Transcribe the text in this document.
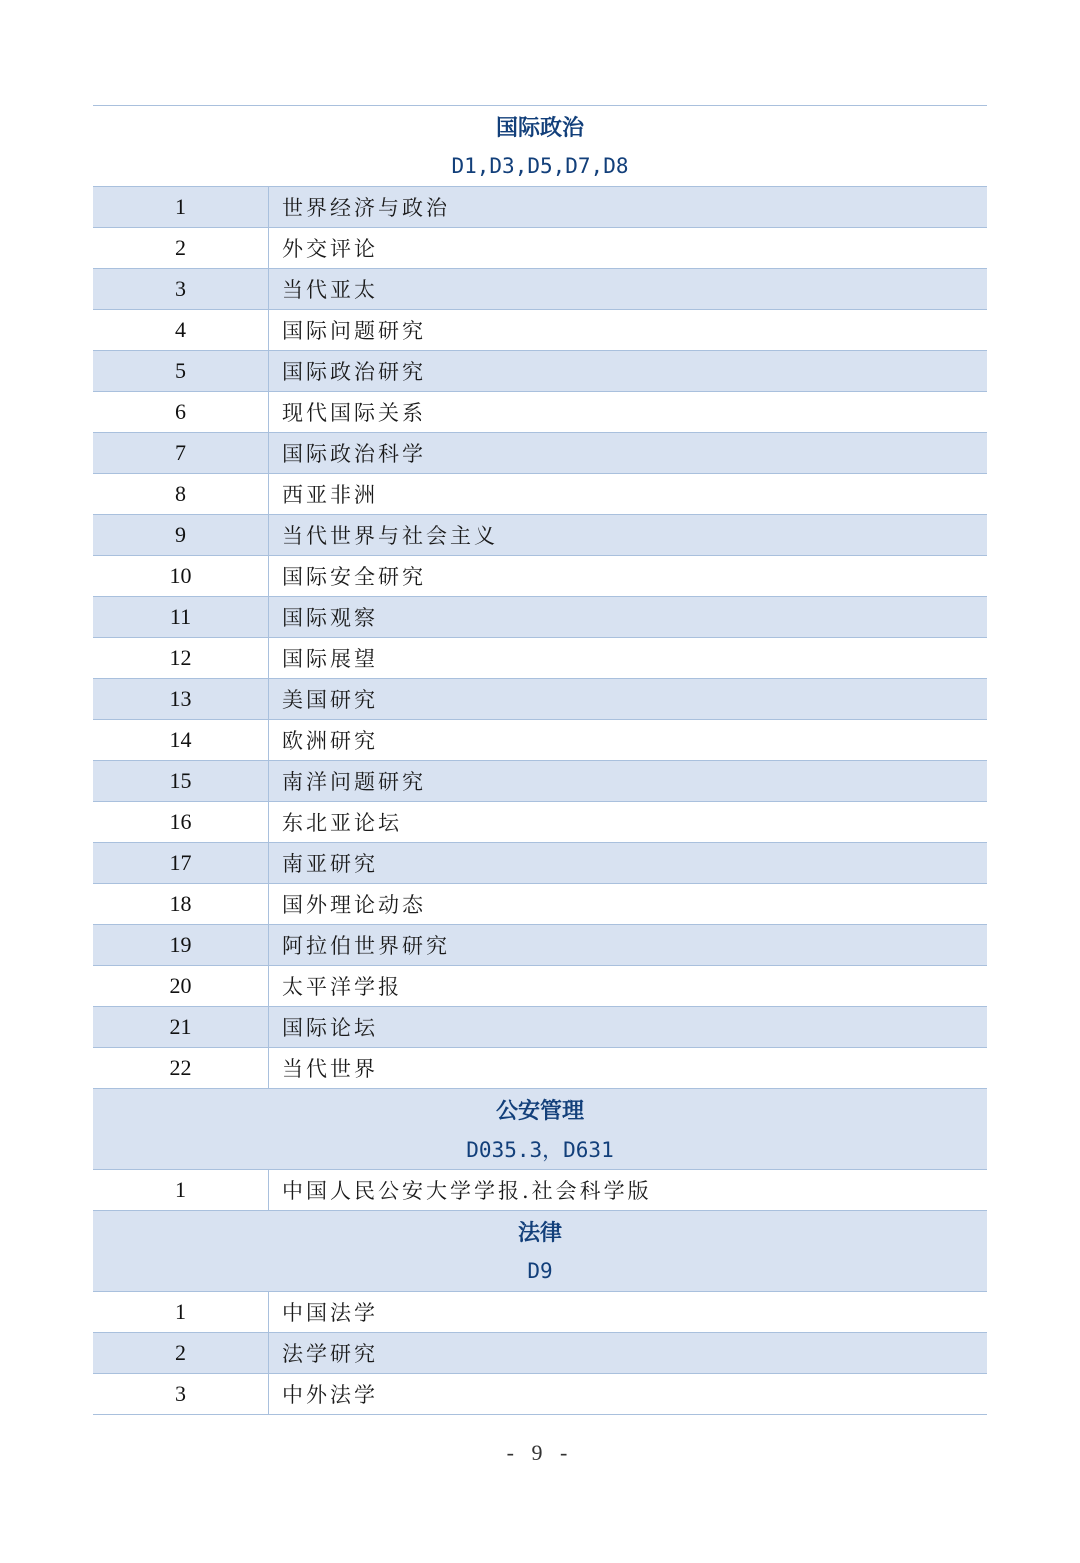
国际政治
D1,D3,D5,D7,D8
1	世界经济与政治
2	外交评论
3	当代亚太
4	国际问题研究
5	国际政治研究
6	现代国际关系
7	国际政治科学
8	西亚非洲
9	当代世界与社会主义
10	国际安全研究
11	国际观察
12	国际展望
13	美国研究
14	欧洲研究
15	南洋问题研究
16	东北亚论坛
17	南亚研究
18	国外理论动态
19	阿拉伯世界研究
20	太平洋学报
21	国际论坛
22	当代世界
公安管理
D035.3，D631
1	中国人民公安大学学报.社会科学版
法律
D9
1	中国法学
2	法学研究
3	中外法学
- 9 -
